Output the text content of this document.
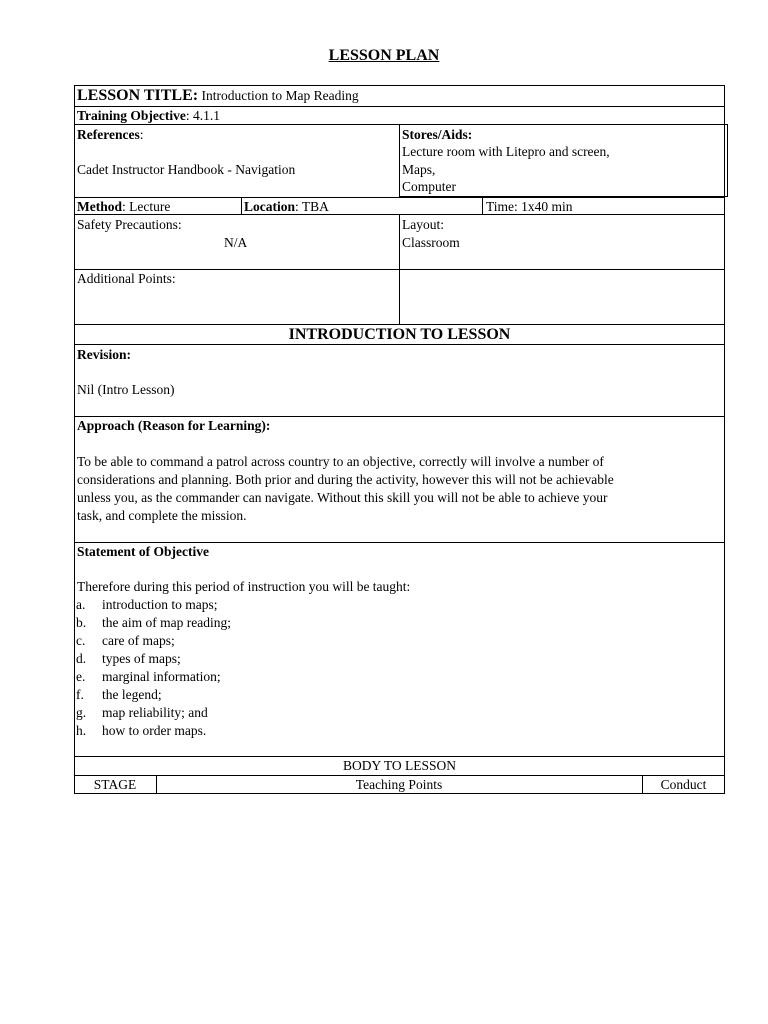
LESSON PLAN
LESSON TITLE: Introduction to Map Reading
Training Objective: 4.1.1
References:
Cadet Instructor Handbook - Navigation
Stores/Aids:
Lecture room with Litepro and screen,
Maps,
Computer
Method: Lecture	Location: TBA	Time: 1x40 min
Safety Precautions:
N/A
Layout:
Classroom
Additional Points:
INTRODUCTION TO LESSON
Revision:
Nil (Intro Lesson)
Approach (Reason for Learning):
To be able to command a patrol across country to an objective, correctly will involve a number of
considerations and planning. Both prior and during the activity, however this will not be achievable
unless you, as the commander can navigate. Without this skill you will not be able to achieve your
task, and complete the mission.
Statement of Objective
Therefore during this period of instruction you will be taught:
a. introduction to maps;
b. the aim of map reading;
c. care of maps;
d. types of maps;
e. marginal information;
f. the legend;
g. map reliability; and
h. how to order maps.
BODY TO LESSON
STAGE	Teaching Points	Conduct
